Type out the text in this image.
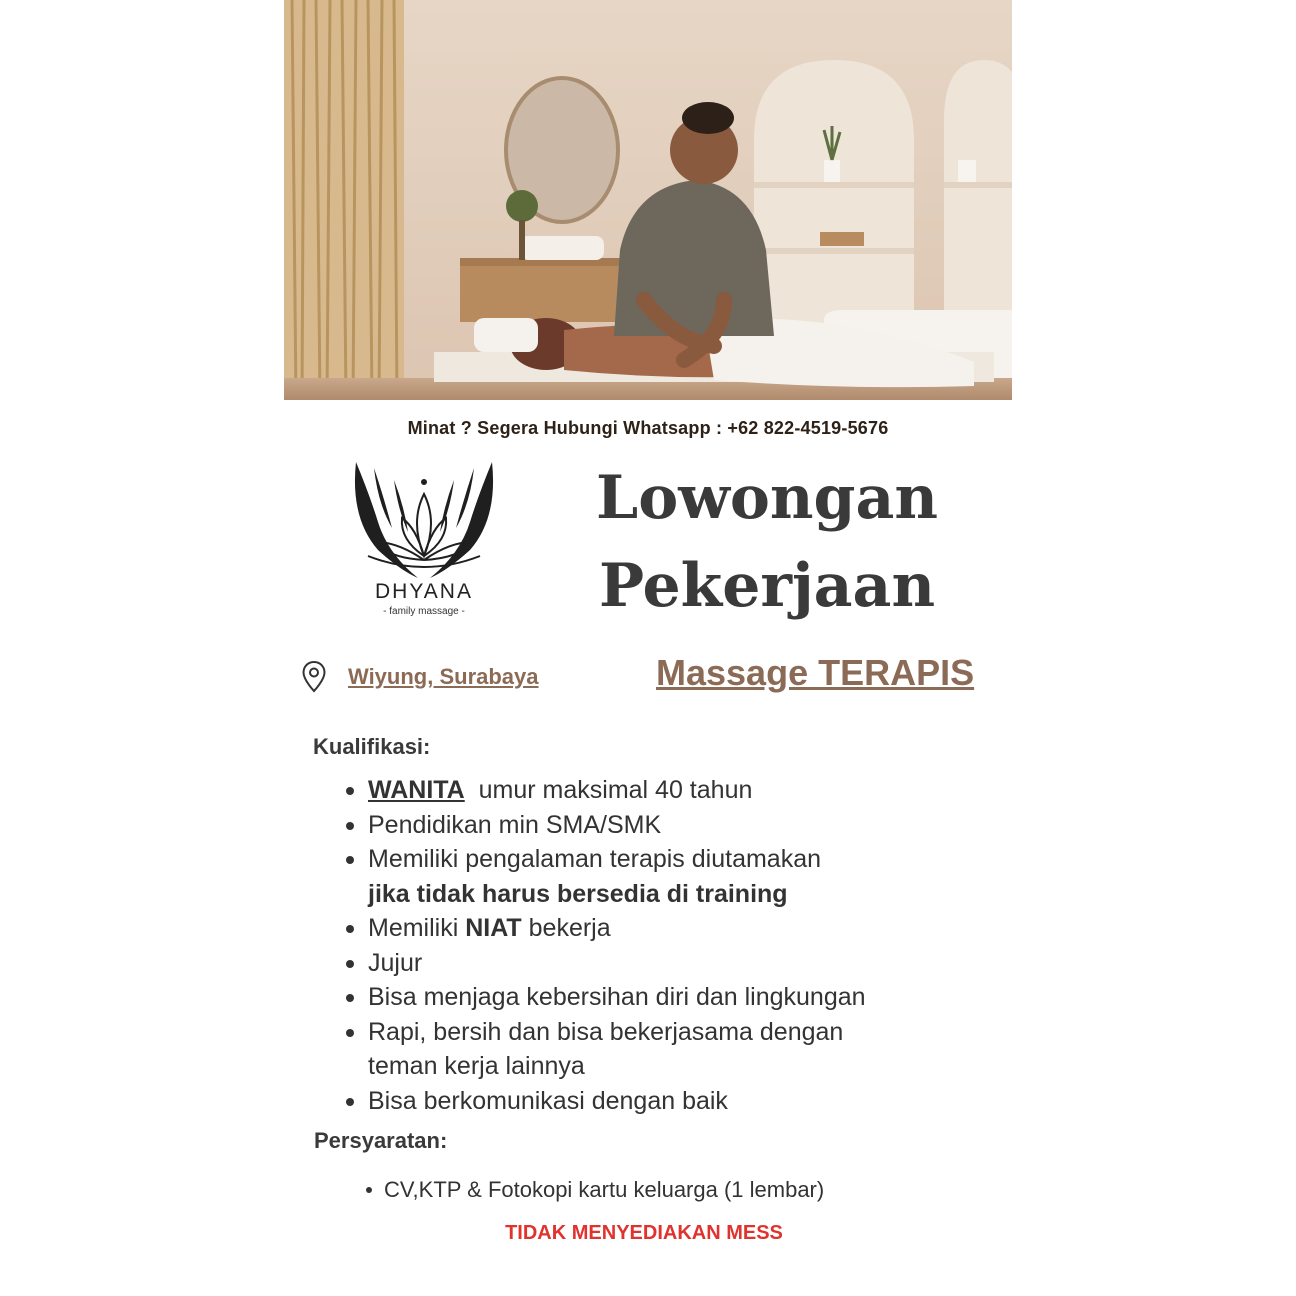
Minat ? Segera Hubungi Whatsapp : +62 822-4519-5676
DHYANA
- family massage -
Lowongan
Pekerjaan
Wiyung, Surabaya	Massage TERAPIS
Kualifikasi:
WANITA  umur maksimal 40 tahun
Pendidikan min SMA/SMK
Memiliki pengalaman terapis diutamakan
jika tidak harus bersedia di training
Memiliki NIAT bekerja
Jujur
Bisa menjaga kebersihan diri dan lingkungan
Rapi, bersih dan bisa bekerjasama dengan
teman kerja lainnya
Bisa berkomunikasi dengan baik
Persyaratan:
CV,KTP & Fotokopi kartu keluarga (1 lembar)
TIDAK MENYEDIAKAN MESS
